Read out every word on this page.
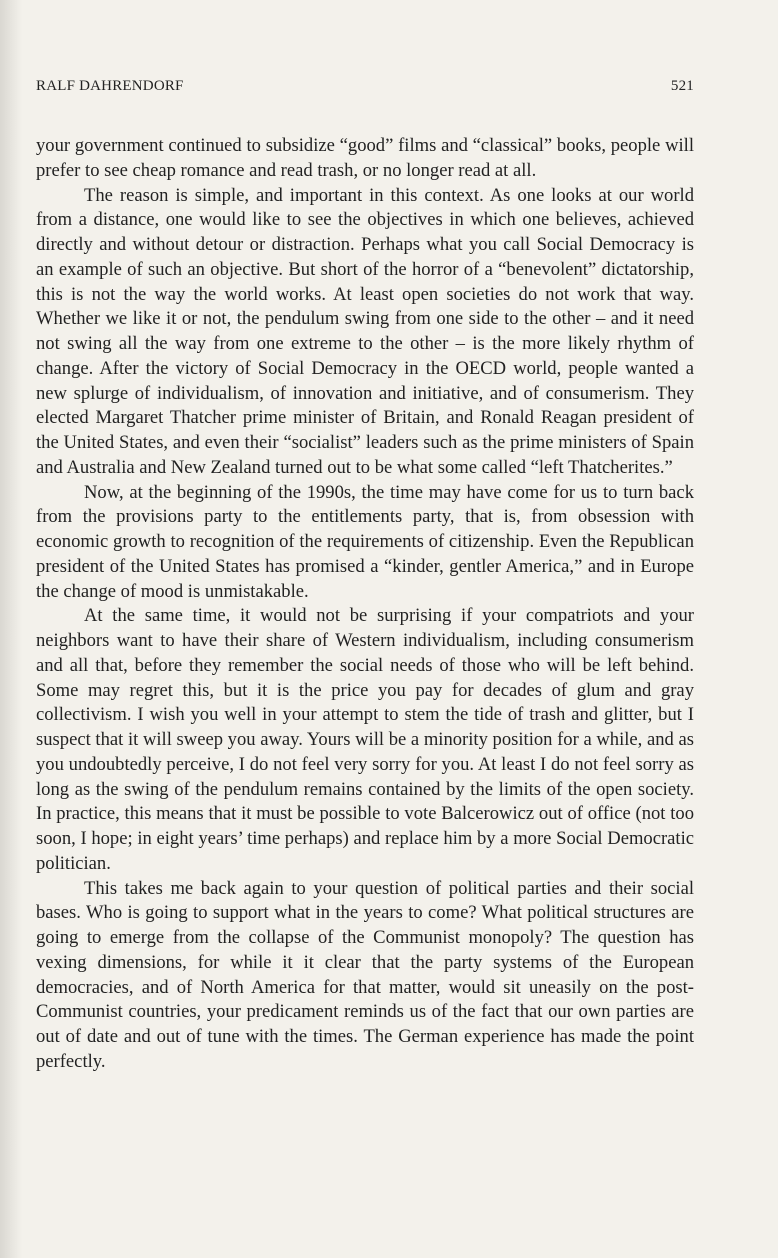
RALF DAHRENDORF	521

your government continued to subsidize “good” films and “classical” books, people will prefer to see cheap romance and read trash, or no longer read at all.

The reason is simple, and important in this context. As one looks at our world from a distance, one would like to see the objectives in which one believes, achieved directly and without detour or distraction. Perhaps what you call Social Democracy is an example of such an objective. But short of the horror of a “benevolent” dictatorship, this is not the way the world works. At least open societies do not work that way. Whether we like it or not, the pendulum swing from one side to the other – and it need not swing all the way from one extreme to the other – is the more likely rhythm of change. After the victory of Social Democracy in the OECD world, people wanted a new splurge of individualism, of innovation and initiative, and of consumerism. They elected Margaret Thatcher prime minister of Britain, and Ronald Reagan president of the United States, and even their “socialist” leaders such as the prime ministers of Spain and Australia and New Zealand turned out to be what some called “left Thatcherites.”

Now, at the beginning of the 1990s, the time may have come for us to turn back from the provisions party to the entitlements party, that is, from obsession with economic growth to recognition of the requirements of citizenship. Even the Republican president of the United States has promised a “kinder, gentler America,” and in Europe the change of mood is unmistakable.

At the same time, it would not be surprising if your compatriots and your neighbors want to have their share of Western individualism, including consumerism and all that, before they remember the social needs of those who will be left behind. Some may regret this, but it is the price you pay for decades of glum and gray collectivism. I wish you well in your attempt to stem the tide of trash and glitter, but I suspect that it will sweep you away. Yours will be a minority position for a while, and as you undoubtedly perceive, I do not feel very sorry for you. At least I do not feel sorry as long as the swing of the pendulum remains contained by the limits of the open society. In practice, this means that it must be possible to vote Balcerowicz out of office (not too soon, I hope; in eight years’ time perhaps) and replace him by a more Social Democratic politician.

This takes me back again to your question of political parties and their social bases. Who is going to support what in the years to come? What political structures are going to emerge from the collapse of the Communist monopoly? The question has vexing dimensions, for while it it clear that the party systems of the European democracies, and of North America for that matter, would sit uneasily on the post-Communist countries, your predicament reminds us of the fact that our own parties are out of date and out of tune with the times. The German experience has made the point perfectly.
